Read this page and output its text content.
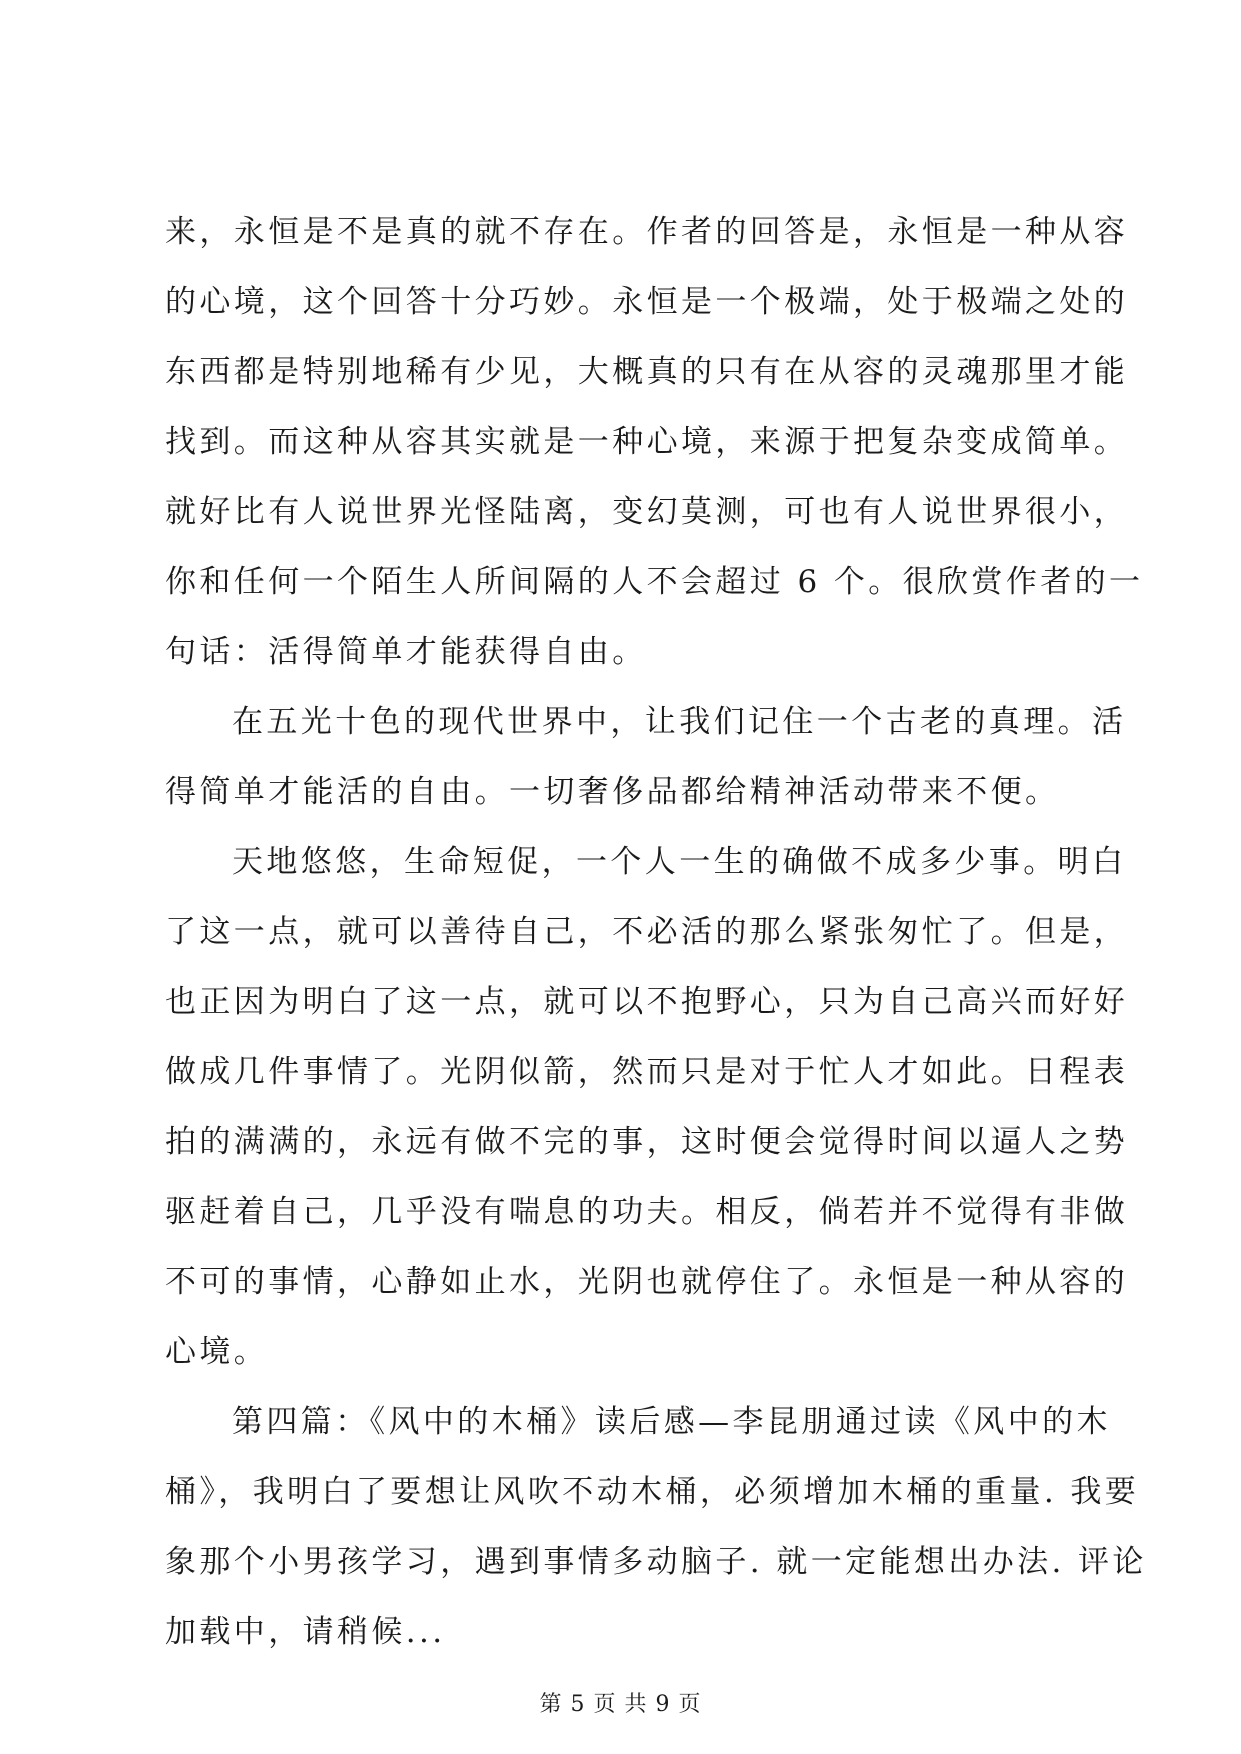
来，永恒是不是真的就不存在。作者的回答是，永恒是一种从容
的心境，这个回答十分巧妙。永恒是一个极端，处于极端之处的
东西都是特别地稀有少见，大概真的只有在从容的灵魂那里才能
找到。而这种从容其实就是一种心境，来源于把复杂变成简单。
就好比有人说世界光怪陆离，变幻莫测，可也有人说世界很小，
你和任何一个陌生人所间隔的人不会超过 6 个。很欣赏作者的一
句话：活得简单才能获得自由。
在五光十色的现代世界中，让我们记住一个古老的真理。活
得简单才能活的自由。一切奢侈品都给精神活动带来不便。
天地悠悠，生命短促，一个人一生的确做不成多少事。明白
了这一点，就可以善待自己，不必活的那么紧张匆忙了。但是，
也正因为明白了这一点，就可以不抱野心，只为自己高兴而好好
做成几件事情了。光阴似箭，然而只是对于忙人才如此。日程表
拍的满满的，永远有做不完的事，这时便会觉得时间以逼人之势
驱赶着自己，几乎没有喘息的功夫。相反，倘若并不觉得有非做
不可的事情，心静如止水，光阴也就停住了。永恒是一种从容的
心境。
第四篇：《风中的木桶》读后感—李昆朋通过读《风中的木
桶》，我明白了要想让风吹不动木桶，必须增加木桶的重量. 我要
象那个小男孩学习，遇到事情多动脑子. 就一定能想出办法. 评论
加载中，请稍候...
第 5 页 共 9 页
